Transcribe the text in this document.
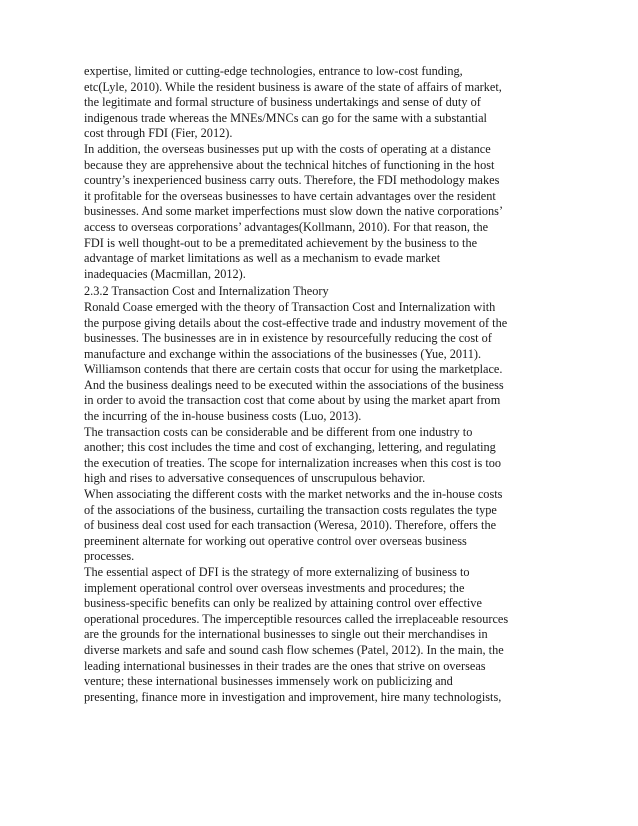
expertise, limited or cutting-edge technologies, entrance to low-cost funding,
etc(Lyle, 2010). While the resident business is aware of the state of affairs of market,
the legitimate and formal structure of business undertakings and sense of duty of
indigenous trade whereas the MNEs/MNCs can go for the same with a substantial
cost through FDI (Fier, 2012).
In addition, the overseas businesses put up with the costs of operating at a distance
because they are apprehensive about the technical hitches of functioning in the host
country’s inexperienced business carry outs. Therefore, the FDI methodology makes
it profitable for the overseas businesses to have certain advantages over the resident
businesses. And some market imperfections must slow down the native corporations’
access to overseas corporations’ advantages(Kollmann, 2010). For that reason, the
FDI is well thought-out to be a premeditated achievement by the business to the
advantage of market limitations as well as a mechanism to evade market
inadequacies (Macmillan, 2012).
2.3.2 Transaction Cost and Internalization Theory
Ronald Coase emerged with the theory of Transaction Cost and Internalization with
the purpose giving details about the cost-effective trade and industry movement of the
businesses. The businesses are in in existence by resourcefully reducing the cost of
manufacture and exchange within the associations of the businesses (Yue, 2011).
Williamson contends that there are certain costs that occur for using the marketplace.
And the business dealings need to be executed within the associations of the business
in order to avoid the transaction cost that come about by using the market apart from
the incurring of the in-house business costs (Luo, 2013).
The transaction costs can be considerable and be different from one industry to
another; this cost includes the time and cost of exchanging, lettering, and regulating
the execution of treaties. The scope for internalization increases when this cost is too
high and rises to adversative consequences of unscrupulous behavior.
When associating the different costs with the market networks and the in-house costs
of the associations of the business, curtailing the transaction costs regulates the type
of business deal cost used for each transaction (Weresa, 2010). Therefore, offers the
preeminent alternate for working out operative control over overseas business
processes.
The essential aspect of DFI is the strategy of more externalizing of business to
implement operational control over overseas investments and procedures; the
business-specific benefits can only be realized by attaining control over effective
operational procedures. The imperceptible resources called the irreplaceable resources
are the grounds for the international businesses to single out their merchandises in
diverse markets and safe and sound cash flow schemes (Patel, 2012). In the main, the
leading international businesses in their trades are the ones that strive on overseas
venture; these international businesses immensely work on publicizing and
presenting, finance more in investigation and improvement, hire many technologists,
